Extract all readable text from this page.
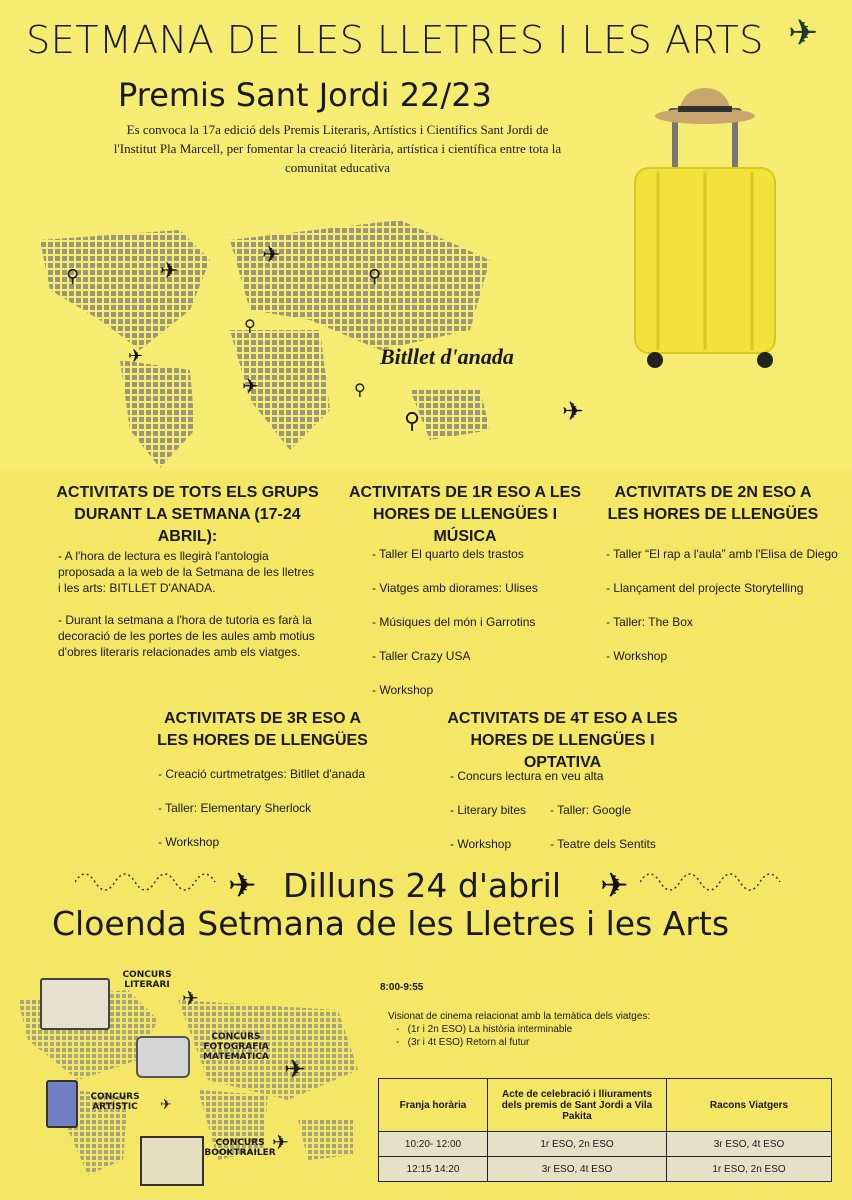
✈
✈
✈
✈
✈
✈
⚲	⚲
⚲
⚲
⚲
SETMANA DE LES LLETRES I LES ARTS
Premis Sant Jordi 22/23
Es convoca la 17a edició dels Premis Literaris, Artístics i Científics Sant Jordi de l'Institut Pla Marcell, per fomentar la creació literària, artística i científica entre tota la comunitat educativa
Bitllet d'anada
ACTIVITATS DE TOTS ELS GRUPS DURANT LA SETMANA (17-24 ABRIL):

- A l'hora de lectura es llegirà l'antologia proposada a la web de la Setmana de les lletres i les arts: BITLLET D'ANADA.

- Durant la setmana a l'hora de tutoria es farà la decoració de les portes de les aules amb motius d'obres literaris relacionades amb els viatges.

ACTIVITATS DE 1R ESO A LES HORES DE LLENGÜES I MÚSICA
- Taller El quarto dels trastos
- Viatges amb diorames: Ulises
- Músiques del món i Garrotins
- Taller Crazy USA
- Workshop
ACTIVITATS DE 2N ESO A LES HORES DE LLENGÜES
- Taller “El rap a l'aula” amb l'Elisa de Diego
- Llançament del projecte Storytelling
- Taller: The Box
- Workshop
ACTIVITATS DE 3R ESO A LES HORES DE LLENGÜES
- Creació curtmetratges: Bitllet d'anada
- Taller: Elementary Sherlock
- Workshop
ACTIVITATS DE 4T ESO A LES HORES DE LLENGÜES I OPTATIVA
- Concurs lectura en veu alta
- Literary bites - Taller: Google
- Workshop	- Teatre dels Sentits
✈	✈
Dilluns 24 d'abril
Cloenda Setmana de les Lletres i les Arts
CONCURS LITERARI
CONCURS FOTOGRAFIA MATEMÀTICA
CONCURS ARTÍSTIC
CONCURS BOOKTRAILER
✈
✈
✈
✈
8:00-9:55
Visionat de cinema relacionat amb la temàtica dels viatges:
-   (1r i 2n ESO) La història interminable
-   (3r i 4t ESO) Retorn al futur
Franja horària	Acte de celebració i lliuraments dels premis de Sant Jordi a Vila Pakita	Racons Viatgers
10:20- 12:00	1r ESO, 2n ESO	3r ESO, 4t ESO
12:15 14:20	3r ESO, 4t ESO	1r ESO, 2n ESO
